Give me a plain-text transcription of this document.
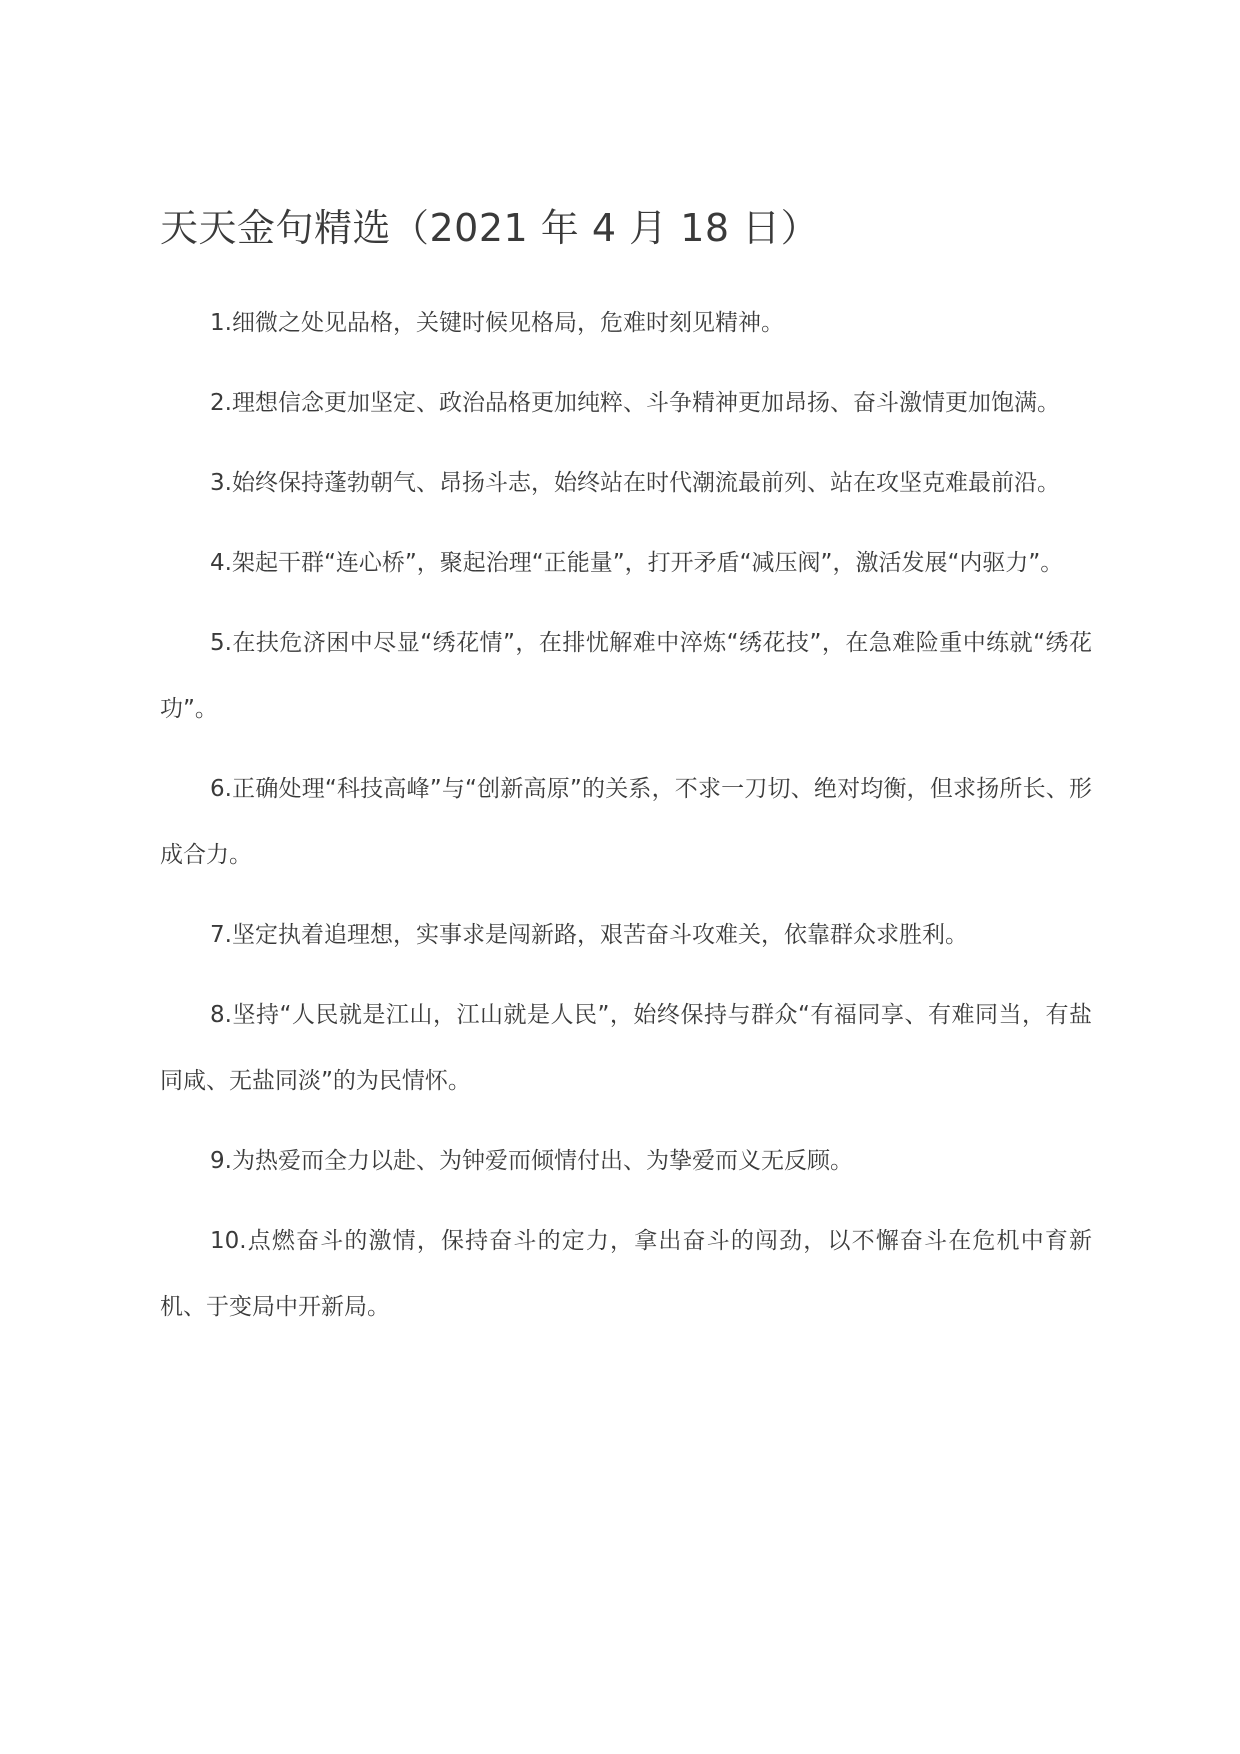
天天金句精选（2021 年 4 月 18 日）
1.细微之处见品格，关键时候见格局，危难时刻见精神。
2.理想信念更加坚定、政治品格更加纯粹、斗争精神更加昂扬、奋斗激情更加饱满。
3.始终保持蓬勃朝气、昂扬斗志，始终站在时代潮流最前列、站在攻坚克难最前沿。
4.架起干群“连心桥”，聚起治理“正能量”，打开矛盾“减压阀”，激活发展“内驱力”。
5.在扶危济困中尽显“绣花情”，在排忧解难中淬炼“绣花技”，在急难险重中练就“绣花功”。
6.正确处理“科技高峰”与“创新高原”的关系，不求一刀切、绝对均衡，但求扬所长、形成合力。
7.坚定执着追理想，实事求是闯新路，艰苦奋斗攻难关，依靠群众求胜利。
8.坚持“人民就是江山，江山就是人民”，始终保持与群众“有福同享、有难同当，有盐同咸、无盐同淡”的为民情怀。
9.为热爱而全力以赴、为钟爱而倾情付出、为挚爱而义无反顾。
10.点燃奋斗的激情，保持奋斗的定力，拿出奋斗的闯劲，以不懈奋斗在危机中育新机、于变局中开新局。
